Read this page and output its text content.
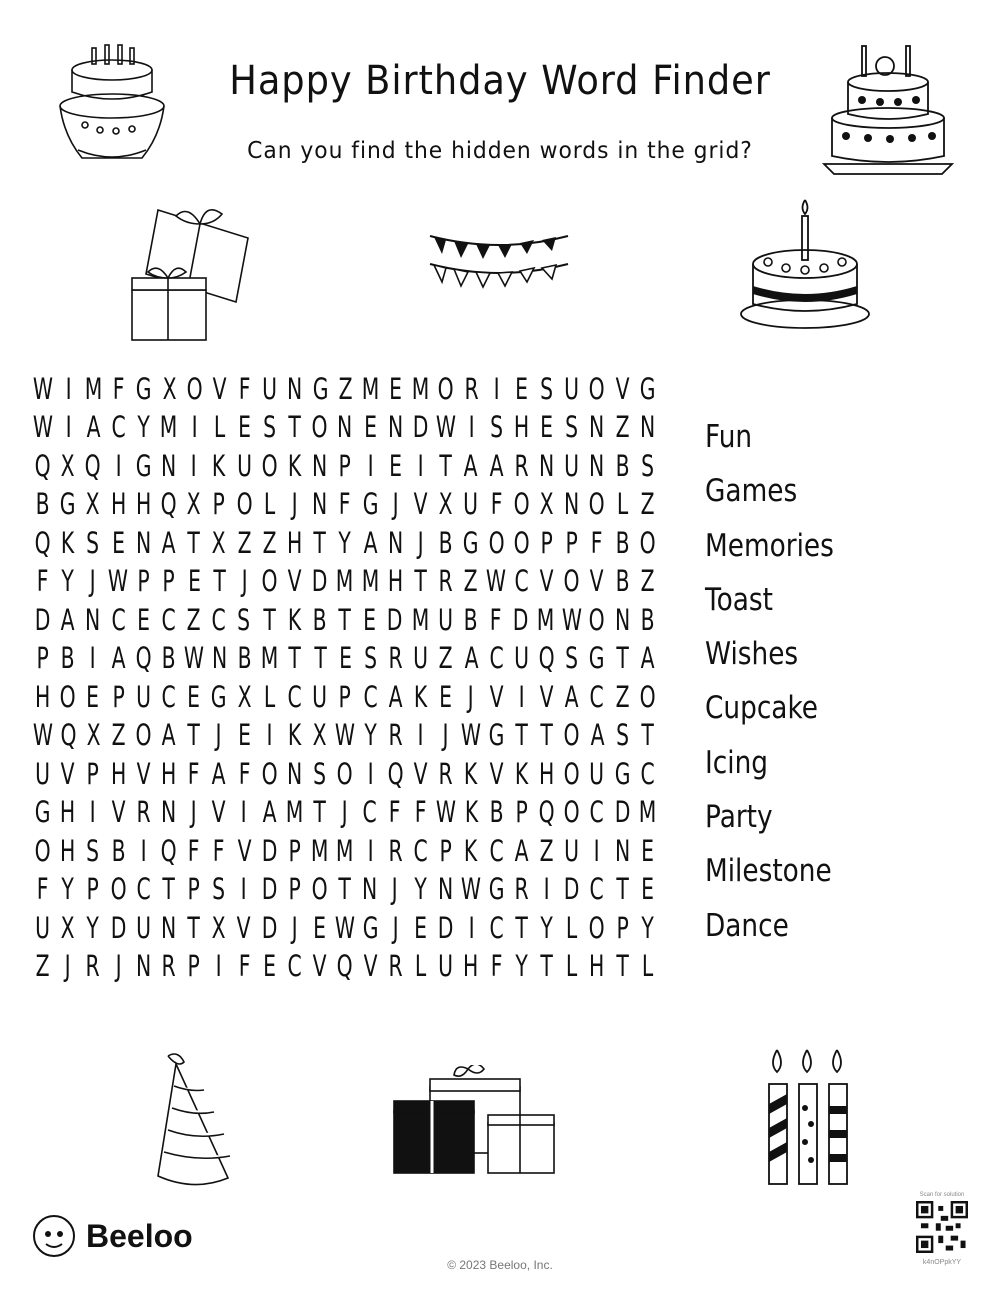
Happy Birthday Word Finder
Can you find the hidden words in the grid?
W I M F G X O V F U N G Z M E M O R I E S U O V G
W I A C Y M I L E S T O N E N D W I S H E S N Z N
Q X Q I G N I K U O K N P I E I T A A R N U N B S
B G X H H Q X P O L J N F G J V X U F O X N O L Z
Q K S E N A T X Z Z H T Y A N J B G O O P P F B O
F Y J W P P E T J O V D M M H T R Z W C V O V B Z
D A N C E C Z C S T K B T E D M U B F D M W O N B
P B I A Q B W N B M T T E S R U Z A C U Q S G T A
H O E P U C E G X L C U P C A K E J V I V A C Z O
W Q X Z O A T J E I K X W Y R I J W G T T O A S T
U V P H V H F A F O N S O I Q V R K V K H O U G C
G H I V R N J V I A M T J C F F W K B P Q O C D M
O H S B I Q F F V D P M M I R C P K C A Z U I N E
F Y P O C T P S I D P O T N J Y N W G R I D C T E
U X Y D U N T X V D J E W G J E D I C T Y L O P Y
Z J R J N R P I F E C V Q V R L U H F Y T L H T L
Fun
Games
Memories
Toast
Wishes
Cupcake
Icing
Party
Milestone
Dance
Beeloo
© 2023 Beeloo, Inc.
Scan for solution
k4nOPpkYY
